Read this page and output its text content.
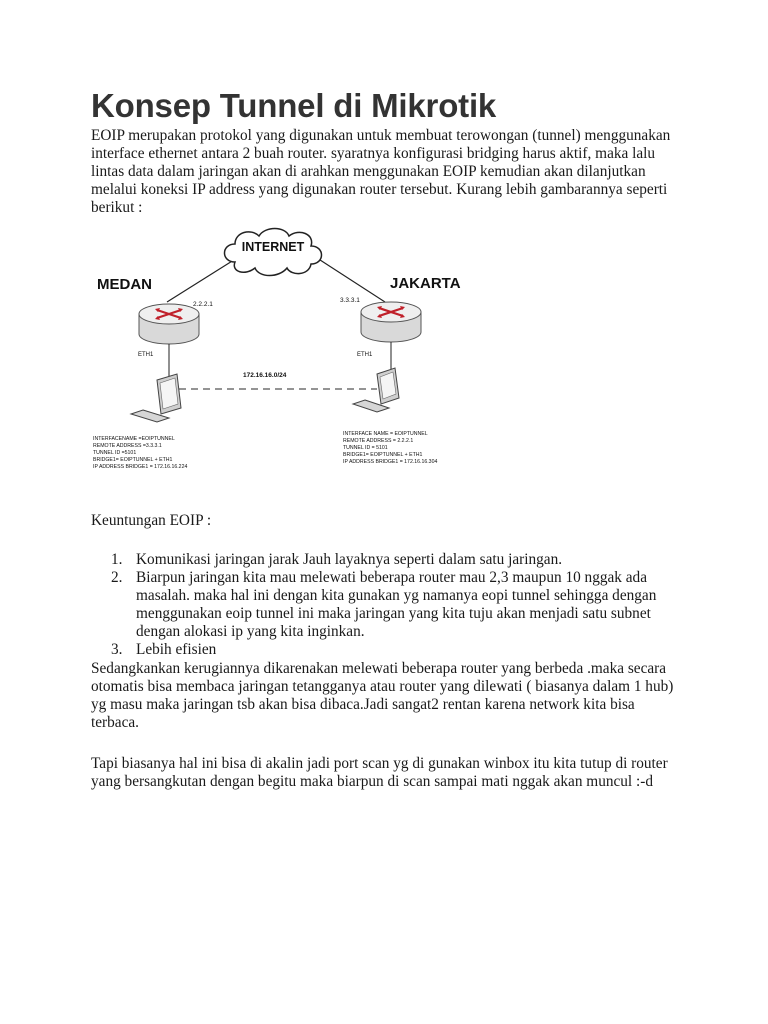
Konsep Tunnel di Mikrotik

EOIP merupakan protokol yang digunakan untuk membuat terowongan (tunnel) menggunakan interface ethernet antara 2 buah router. syaratnya konfigurasi bridging harus aktif, maka lalu lintas data dalam jaringan akan di arahkan menggunakan EOIP kemudian akan dilanjutkan melalui koneksi IP address yang digunakan router tersebut. Kurang lebih gambarannya seperti berikut :

INTERNET
MEDAN	JAKARTA
2.2.2.1
3.3.3.1
ETH1	ETH1
172.16.16.0/24
INTERFACENAME =EOIPTUNNEL
REMOTE ADDRESS =3.3.3.1
TUNNEL ID =5101
BRIDGE1= EOIPTUNNEL + ETH1
IP ADDRESS BRIDGE1 = 172.16.16.224
INTERFACE NAME = EOIPTUNNEL
REMOTE ADDRESS = 2.2.2.1
TUNNEL ID = 5101
BRIDGE1= EOIPTUNNEL + ETH1
IP ADDRESS BRIDGE1 = 172.16.16.304

Keuntungan EOIP :

1. Komunikasi jaringan jarak Jauh layaknya seperti dalam satu jaringan.
2. Biarpun jaringan kita mau melewati beberapa router mau 2,3 maupun 10 nggak ada masalah. maka hal ini dengan kita gunakan yg namanya eopi tunnel sehingga dengan menggunakan eoip tunnel ini maka jaringan yang kita tuju akan menjadi satu subnet dengan alokasi ip yang kita inginkan.
3. Lebih efisien

Sedangkankan kerugiannya dikarenakan melewati beberapa router yang berbeda .maka secara otomatis bisa membaca jaringan tetangganya atau router yang dilewati ( biasanya dalam 1 hub) yg masu maka jaringan tsb akan bisa dibaca.Jadi sangat2 rentan karena network kita bisa terbaca.

Tapi biasanya hal ini bisa di akalin jadi port scan yg di gunakan winbox itu kita tutup di router yang bersangkutan dengan begitu maka biarpun di scan sampai mati nggak akan muncul :-d
